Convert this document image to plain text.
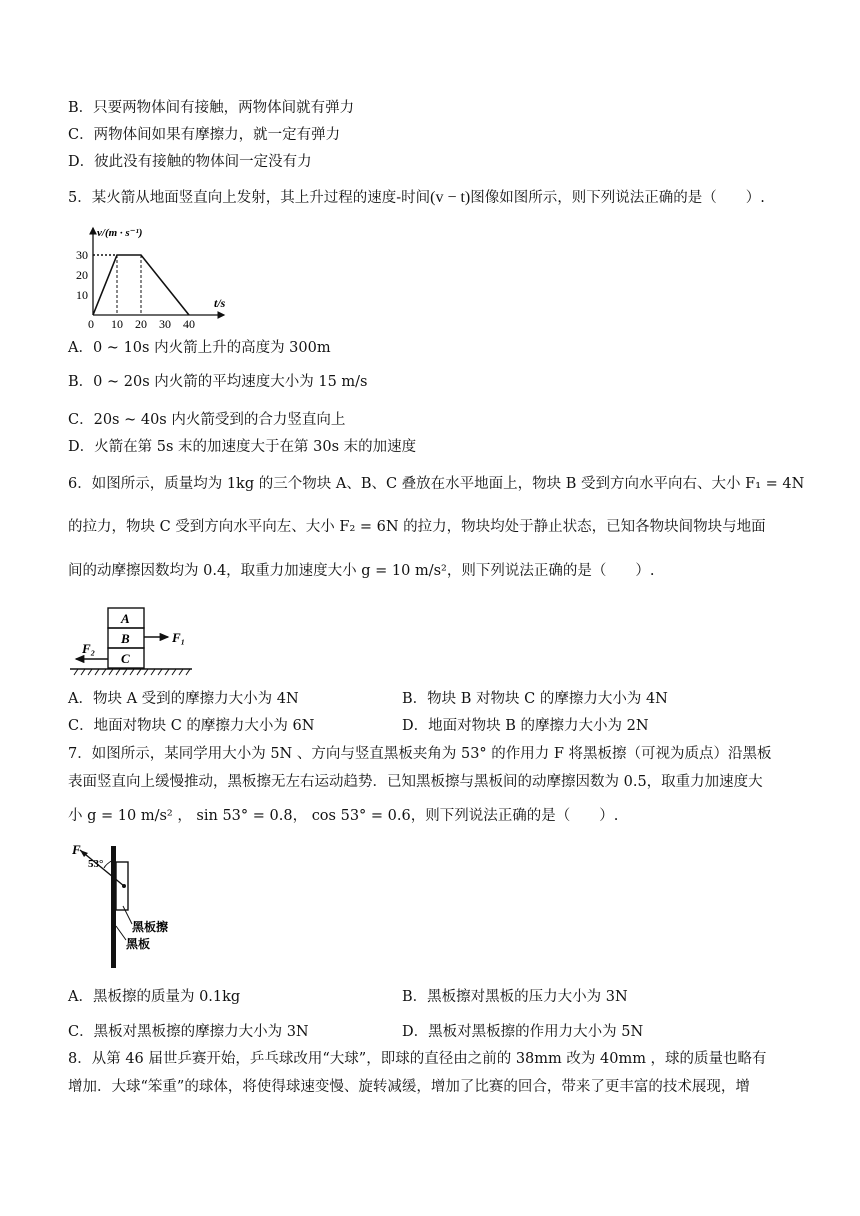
B．只要两物体间有接触，两物体间就有弹力
C．两物体间如果有摩擦力，就一定有弹力
D．彼此没有接触的物体间一定没有力
5．某火箭从地面竖直向上发射，其上升过程的速度-时间(v − t)图像如图所示，则下列说法正确的是（　　）.
v/(m · s⁻¹)
t/s
0
10
20
30
10 20 30 40
A．0 ~ 10s 内火箭上升的高度为 300m
B．0 ~ 20s 内火箭的平均速度大小为 15 m/s
C．20s ~ 40s 内火箭受到的合力竖直向上
D．火箭在第 5s 末的加速度大于在第 30s 末的加速度
6．如图所示，质量均为 1kg 的三个物块 A、B、C 叠放在水平地面上，物块 B 受到方向水平向右、大小 F₁ = 4N
的拉力，物块 C 受到方向水平向左、大小 F₂ = 6N 的拉力，物块均处于静止状态，已知各物块间物块与地面
间的动摩擦因数均为 0.4，取重力加速度大小 g = 10 m/s²，则下列说法正确的是（　　）.
A
B
C
F₁
F₂
A．物块 A 受到的摩擦力大小为 4N	B．物块 B 对物块 C 的摩擦力大小为 4N
C．地面对物块 C 的摩擦力大小为 6N	D．地面对物块 B 的摩擦力大小为 2N
7．如图所示，某同学用大小为 5N 、方向与竖直黑板夹角为 53° 的作用力 F 将黑板擦（可视为质点）沿黑板
表面竖直向上缓慢推动，黑板擦无左右运动趋势．已知黑板擦与黑板间的动摩擦因数为 0.5，取重力加速度大
小 g = 10 m/s² ， sin 53° = 0.8， cos 53° = 0.6，则下列说法正确的是（　　）.
F
53°
黑板擦
黑板
A．黑板擦的质量为 0.1kg	B．黑板擦对黑板的压力大小为 3N
C．黑板对黑板擦的摩擦力大小为 3N	D．黑板对黑板擦的作用力大小为 5N
8．从第 46 届世乒赛开始，乒乓球改用“大球”，即球的直径由之前的 38mm 改为 40mm ，球的质量也略有
增加．大球“笨重”的球体，将使得球速变慢、旋转减缓，增加了比赛的回合，带来了更丰富的技术展现，增
